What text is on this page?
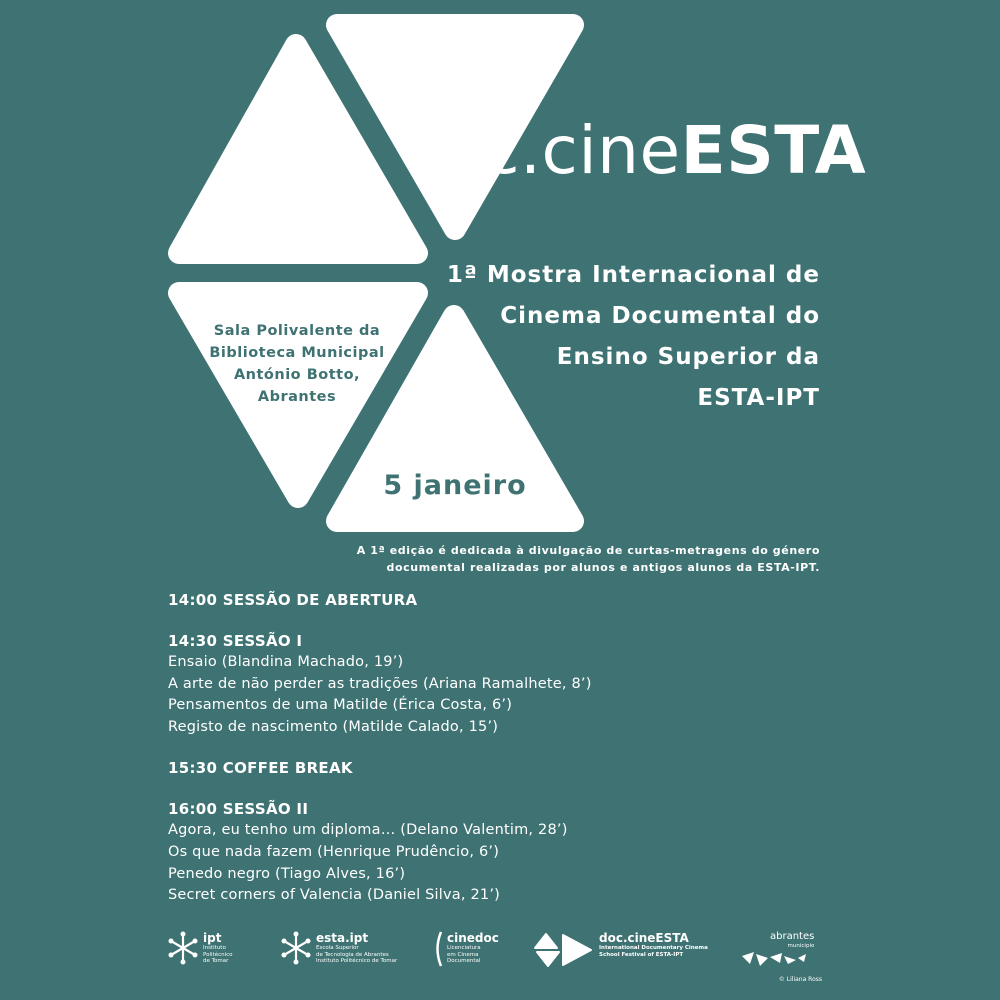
doc.cineESTA
1ª Mostra Internacional de
Cinema Documental do
Ensino Superior da
ESTA-IPT
Sala Polivalente da
Biblioteca Municipal
António Botto,
Abrantes
5 janeiro
A 1ª edição é dedicada à divulgação de curtas-metragens do género
documental realizadas por alunos e antigos alunos da ESTA-IPT.
14:00 SESSÃO DE ABERTURA
14:30 SESSÃO I
Ensaio (Blandina Machado, 19’)
A arte de não perder as tradições (Ariana Ramalhete, 8’)
Pensamentos de uma Matilde (Érica Costa, 6’)
Registo de nascimento (Matilde Calado, 15’)
15:30 COFFEE BREAK
16:00 SESSÃO II
Agora, eu tenho um diploma… (Delano Valentim, 28’)
Os que nada fazem (Henrique Prudêncio, 6’)
Penedo negro (Tiago Alves, 16’)
Secret corners of Valencia (Daniel Silva, 21’)
ipt
Instituto
Politécnico
de Tomar
esta.ipt
Escola Superior
de Tecnologia de Abrantes
Instituto Politécnico de Tomar
cinedoc
Licenciatura
em Cinema
Documental
doc.cineESTA
International Documentary Cinema
School Festival of ESTA-IPT
abrantes
municipio
© Liliana Ross
